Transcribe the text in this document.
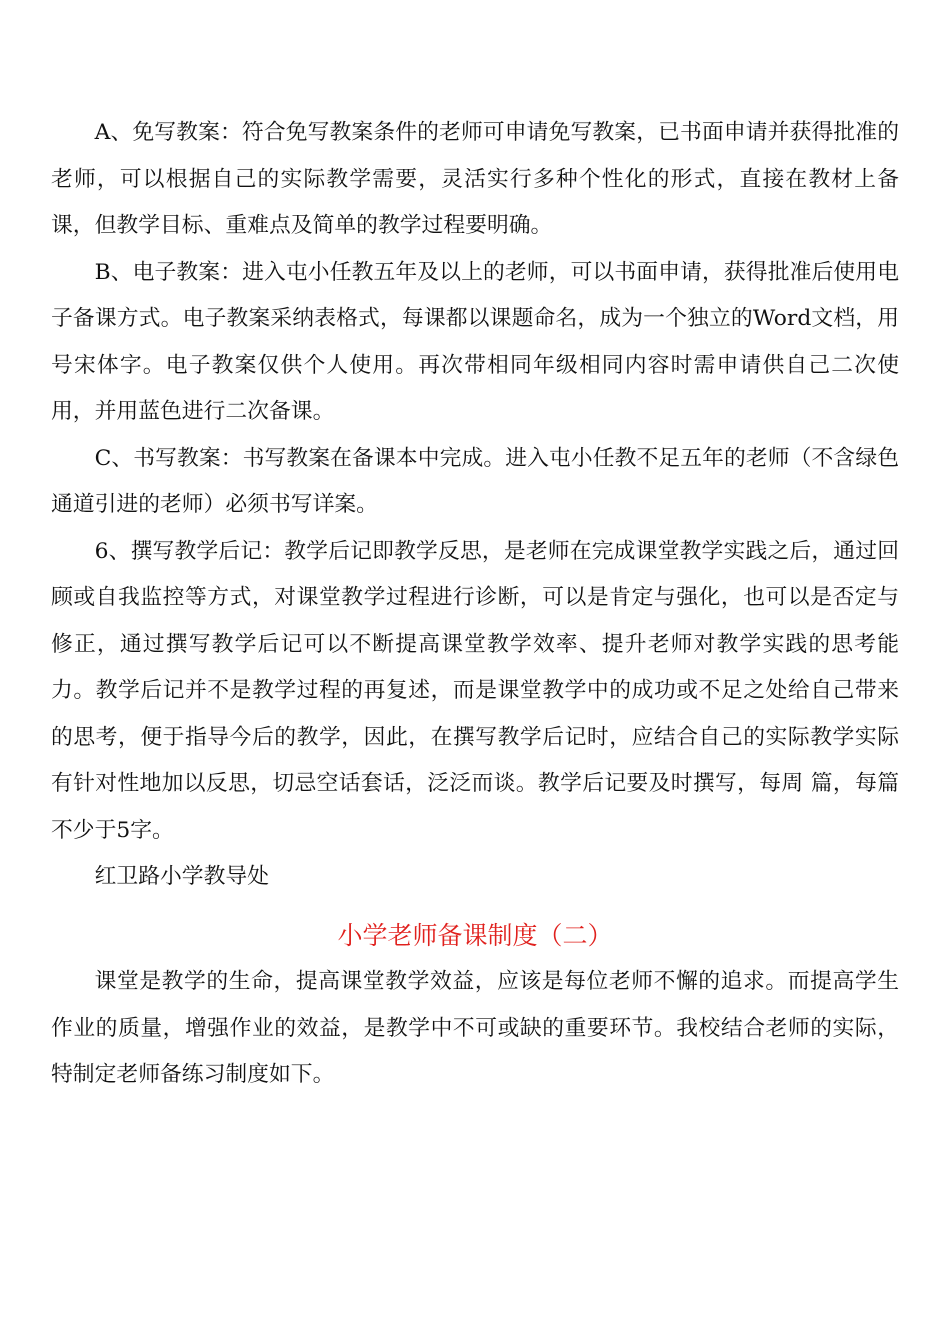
A、免写教案：符合免写教案条件的老师可申请免写教案，已书面申请并获得批准的老师，可以根据自己的实际教学需要，灵活实行多种个性化的形式，直接在教材上备课，但教学目标、重难点及简单的教学过程要明确。

B、电子教案：进入屯小任教五年及以上的老师，可以书面申请，获得批准后使用电子备课方式。电子教案采纳表格式，每课都以课题命名，成为一个独立的Word文档，用 号宋体字。电子教案仅供个人使用。再次带相同年级相同内容时需申请供自己二次使用，并用蓝色进行二次备课。

C、书写教案：书写教案在备课本中完成。进入屯小任教不足五年的老师（不含绿色通道引进的老师）必须书写详案。

6、撰写教学后记：教学后记即教学反思，是老师在完成课堂教学实践之后，通过回顾或自我监控等方式，对课堂教学过程进行诊断，可以是肯定与强化，也可以是否定与修正，通过撰写教学后记可以不断提高课堂教学效率、提升老师对教学实践的思考能力。教学后记并不是教学过程的再复述，而是课堂教学中的成功或不足之处给自己带来的思考，便于指导今后的教学，因此，在撰写教学后记时，应结合自己的实际教学实际有针对性地加以反思，切忌空话套话，泛泛而谈。教学后记要及时撰写，每周 篇，每篇不少于5字。

红卫路小学教导处

小学老师备课制度（二）

课堂是教学的生命，提高课堂教学效益，应该是每位老师不懈的追求。而提高学生作业的质量，增强作业的效益，是教学中不可或缺的重要环节。我校结合老师的实际，特制定老师备练习制度如下。
